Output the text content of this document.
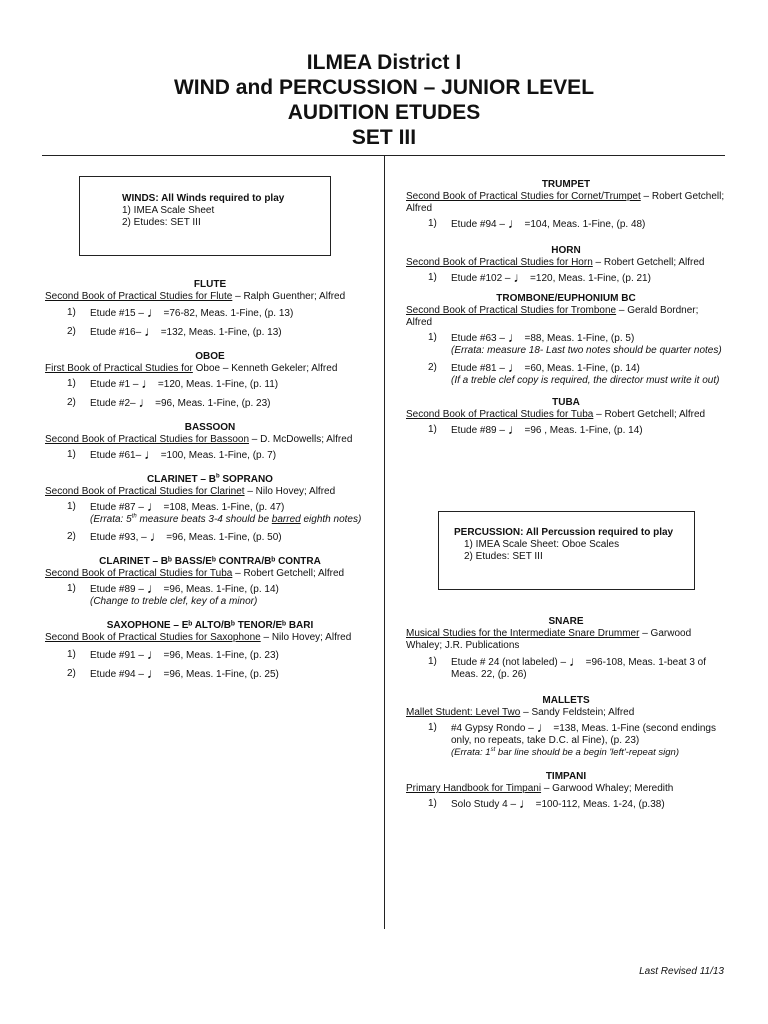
ILMEA District I
WIND and PERCUSSION – JUNIOR LEVEL
AUDITION ETUDES
SET III
WINDS: All Winds required to play
1) IMEA Scale Sheet
2) Etudes: SET III
FLUTE
Second Book of Practical Studies for Flute – Ralph Guenther; Alfred
1)	Etude #15 – ♩ =76-82, Meas. 1-Fine, (p. 13)
2)	Etude #16– ♩ =132, Meas. 1-Fine, (p. 13)
OBOE
First Book of Practical Studies for Oboe – Kenneth Gekeler; Alfred
1)	Etude #1 – ♩ =120, Meas. 1-Fine, (p. 11)
2)	Etude #2– ♩ =96, Meas. 1-Fine, (p. 23)
BASSOON
Second Book of Practical Studies for Bassoon – D. McDowells; Alfred
1)	Etude #61– ♩ =100, Meas. 1-Fine, (p. 7)
CLARINET – $B^b$ SOPRANO
Second Book of Practical Studies for Clarinet – Nilo Hovey; Alfred
1)	Etude #87 – ♩ =108, Meas. 1-Fine, (p. 47)
(Errata: 5th measure beats 3-4 should be barred eighth notes)
2)	Etude #93, – ♩ =96, Meas. 1-Fine, (p. 50)
CLARINET – Bᵇ BASS/Eᵇ CONTRA/Bᵇ CONTRA
Second Book of Practical Studies for Tuba – Robert Getchell; Alfred
1)	Etude #89 – ♩ =96, Meas. 1-Fine, (p. 14)
(Change to treble clef, key of a minor)
SAXOPHONE – Eᵇ ALTO/Bᵇ TENOR/Eᵇ BARI
Second Book of Practical Studies for Saxophone – Nilo Hovey; Alfred
1)	Etude #91 – ♩ =96, Meas. 1-Fine, (p. 23)
2)	Etude #94 – ♩ =96, Meas. 1-Fine, (p. 25)
TRUMPET
Second Book of Practical Studies for Cornet/Trumpet – Robert Getchell; Alfred
1)	Etude #94 – ♩ =104, Meas. 1-Fine, (p. 48)
HORN
Second Book of Practical Studies for Horn – Robert Getchell; Alfred
1)	Etude #102 – ♩ =120, Meas. 1-Fine, (p. 21)
TROMBONE/EUPHONIUM BC
Second Book of Practical Studies for Trombone – Gerald Bordner; Alfred
1)	Etude #63 – ♩ =88, Meas. 1-Fine, (p. 5)
(Errata: measure 18- Last two notes should be quarter notes)
2)	Etude #81 – ♩ =60, Meas. 1-Fine, (p. 14)
(If a treble clef copy is required, the director must write it out)
TUBA
Second Book of Practical Studies for Tuba – Robert Getchell; Alfred
1)	Etude #89 – ♩ =96 , Meas. 1-Fine, (p. 14)
PERCUSSION: All Percussion required to play
1) IMEA Scale Sheet: Oboe Scales
2) Etudes: SET III
SNARE
Musical Studies for the Intermediate Snare Drummer – Garwood Whaley; J.R. Publications
1)	Etude # 24 (not labeled) – ♩ =96-108, Meas. 1-beat 3 of Meas. 22, (p. 26)
MALLETS
Mallet Student: Level Two – Sandy Feldstein; Alfred
1)	#4 Gypsy Rondo – ♩ =138, Meas. 1-Fine (second endings only, no repeats, take D.C. al Fine), (p. 23)
(Errata: 1st bar line should be a begin 'left'-repeat sign)
TIMPANI
Primary Handbook for Timpani – Garwood Whaley; Meredith
1)	Solo Study 4 – ♩ =100-112, Meas. 1-24, (p.38)
Last Revised 11/13
